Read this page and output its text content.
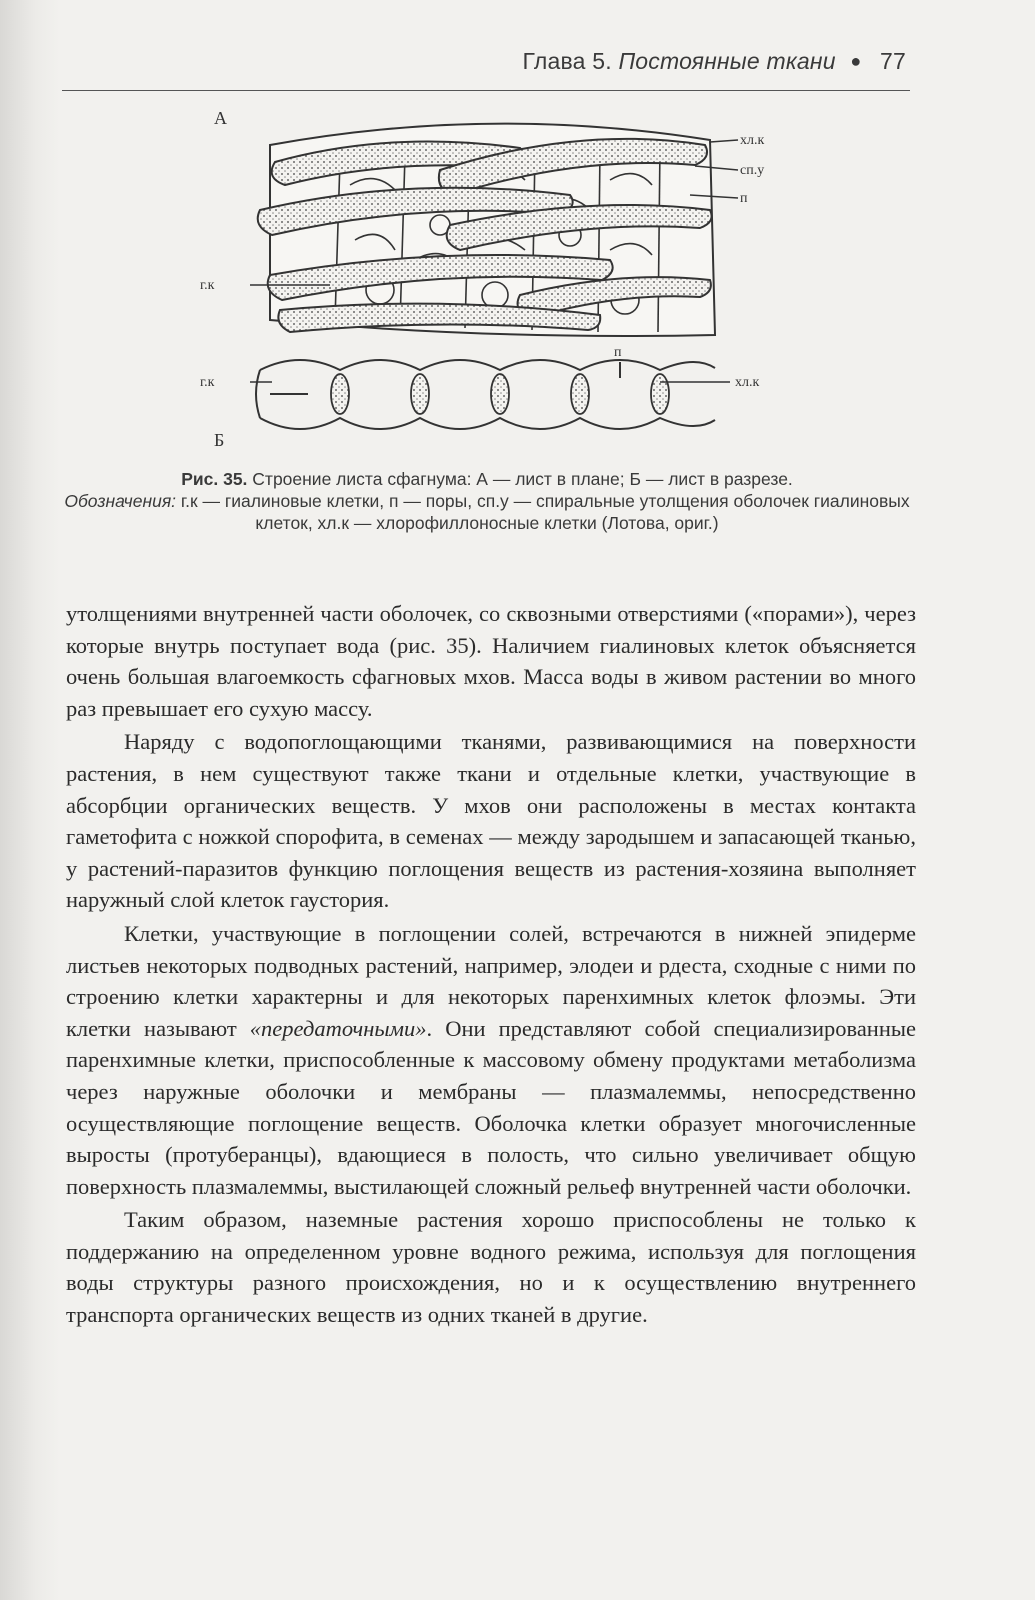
Глава 5. Постоянные ткани ● 77
А
Б
хл.к
сп.у
п
г.к
п
г.к	хл.к

Рис. 35. Строение листа сфагнума: А — лист в плане; Б — лист в разрезе.

Обозначения: г.к — гиалиновые клетки, п — поры, сп.у — спиральные утолщения оболочек гиалиновых клеток, хл.к — хлорофиллоносные клетки (Лотова, ориг.)

утолщениями внутренней части оболочек, со сквозными отверстиями («порами»), через которые внутрь поступает вода (рис. 35). Наличием гиалиновых клеток объясняется очень большая влагоемкость сфагновых мхов. Масса воды в живом растении во много раз превышает его сухую массу.

Наряду с водопоглощающими тканями, развивающимися на поверхности растения, в нем существуют также ткани и отдельные клетки, участвующие в абсорбции органических веществ. У мхов они расположены в местах контакта гаметофита с ножкой спорофита, в семенах — между зародышем и запасающей тканью, у растений-паразитов функцию поглощения веществ из растения-хозяина выполняет наружный слой клеток гаустория.

Клетки, участвующие в поглощении солей, встречаются в нижней эпидерме листьев некоторых подводных растений, например, элодеи и рдеста, сходные с ними по строению клетки характерны и для некоторых паренхимных клеток флоэмы. Эти клетки называют «передаточными». Они представляют собой специализированные паренхимные клетки, приспособленные к массовому обмену продуктами метаболизма через наружные оболочки и мембраны — плазмалеммы, непосредственно осуществляющие поглощение веществ. Оболочка клетки образует многочисленные выросты (протуберанцы), вдающиеся в полость, что сильно увеличивает общую поверхность плазмалеммы, выстилающей сложный рельеф внутренней части оболочки.

Таким образом, наземные растения хорошо приспособлены не только к поддержанию на определенном уровне водного режима, используя для поглощения воды структуры разного происхождения, но и к осуществлению внутреннего транспорта органических веществ из одних тканей в другие.
